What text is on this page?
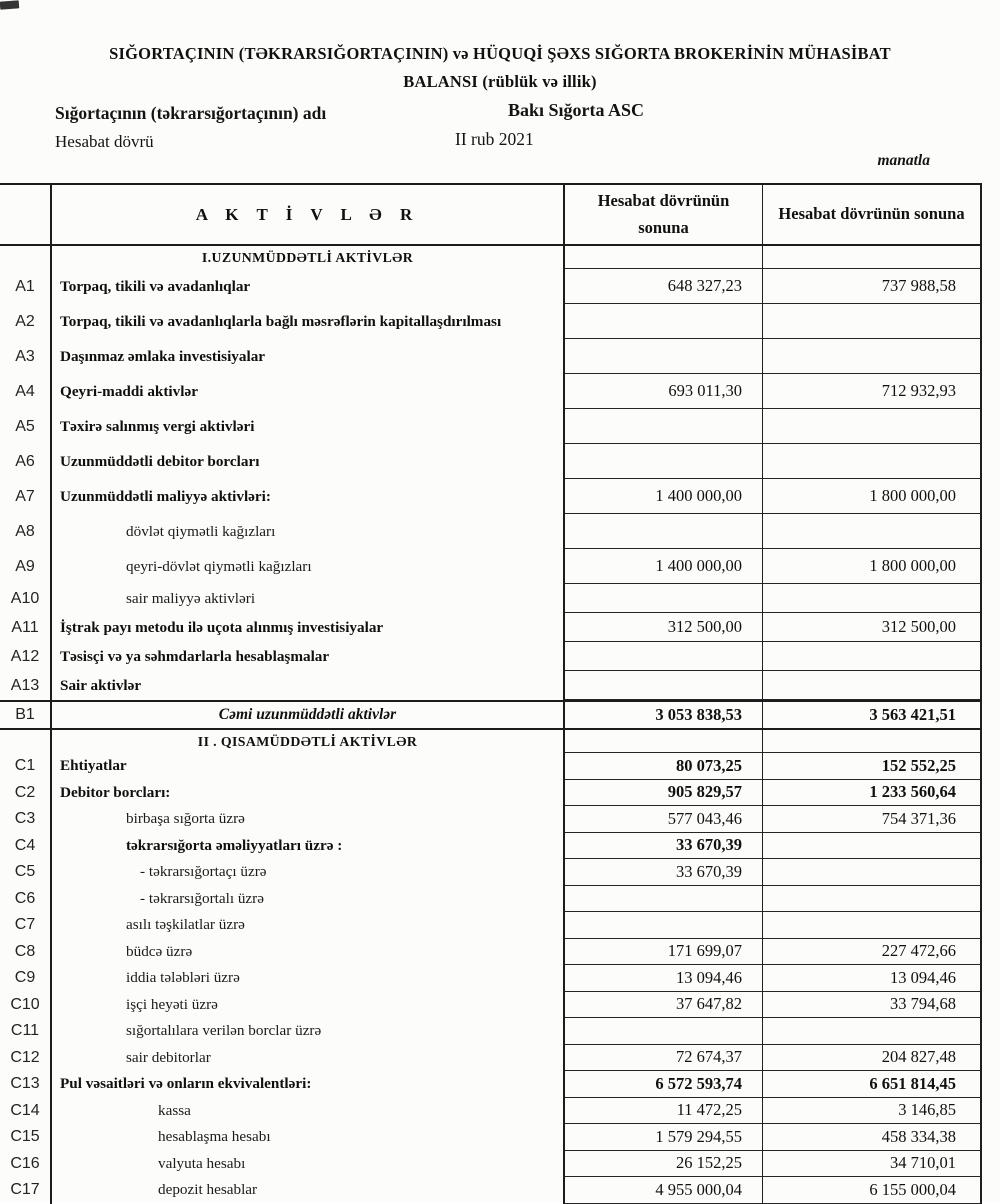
SIĞORTAÇININ (TƏKRARSIĞORTAÇININ) və HÜQUQİ ŞƏXS SIĞORTA BROKERİNİN MÜHASİBAT
BALANSI (rüblük və illik)
Sığortaçının (təkrarsığortaçının) adı	Bakı Sığorta ASC
Hesabat dövrü	II rub 2021
manatla
A K T İ V L Ə R
Hesabat dövrünün sonuna
Hesabat dövrünün sonuna
I.UZUNMÜDDƏTLİ AKTİVLƏR
A1	Torpaq, tikili və avadanlıqlar	648 327,23	737 988,58
A2	Torpaq, tikili və avadanlıqlarla bağlı məsrəflərin kapitallaşdırılması
A3	Daşınmaz əmlaka investisiyalar
A4	Qeyri-maddi aktivlər	693 011,30	712 932,93
A5	Təxirə salınmış vergi aktivləri
A6	Uzunmüddətli debitor borcları
A7	Uzunmüddətli maliyyə aktivləri:	1 400 000,00	1 800 000,00
A8	dövlət qiymətli kağızları
A9	qeyri-dövlət qiymətli kağızları	1 400 000,00	1 800 000,00
A10	sair maliyyə aktivləri
A11	İştrak payı metodu ilə uçota alınmış investisiyalar	312 500,00	312 500,00
A12	Təsisçi və ya səhmdarlarla hesablaşmalar
A13	Sair aktivlər
B1	Cəmi uzunmüddətli aktivlər	3 053 838,53	3 563 421,51
II . QISAMÜDDƏTLİ AKTİVLƏR
C1	Ehtiyatlar	80 073,25	152 552,25
C2	Debitor borcları:	905 829,57	1 233 560,64
C3	birbaşa sığorta üzrə	577 043,46	754 371,36
C4	təkrarsığorta əməliyyatları üzrə :	33 670,39
C5	- təkrarsığortaçı üzrə	33 670,39
C6	- təkrarsığortalı üzrə
C7	asılı təşkilatlar üzrə
C8	büdcə üzrə	171 699,07	227 472,66
C9	iddia tələbləri üzrə	13 094,46	13 094,46
C10	işçi heyəti üzrə	37 647,82	33 794,68
C11	sığortalılara verilən borclar üzrə
C12	sair debitorlar	72 674,37	204 827,48
C13	Pul vəsaitləri və onların ekvivalentləri:	6 572 593,74	6 651 814,45
C14	kassa	11 472,25	3 146,85
C15	hesablaşma hesabı	1 579 294,55	458 334,38
C16	valyuta hesabı	26 152,25	34 710,01
C17	depozit hesablar	4 955 000,04	6 155 000,04
